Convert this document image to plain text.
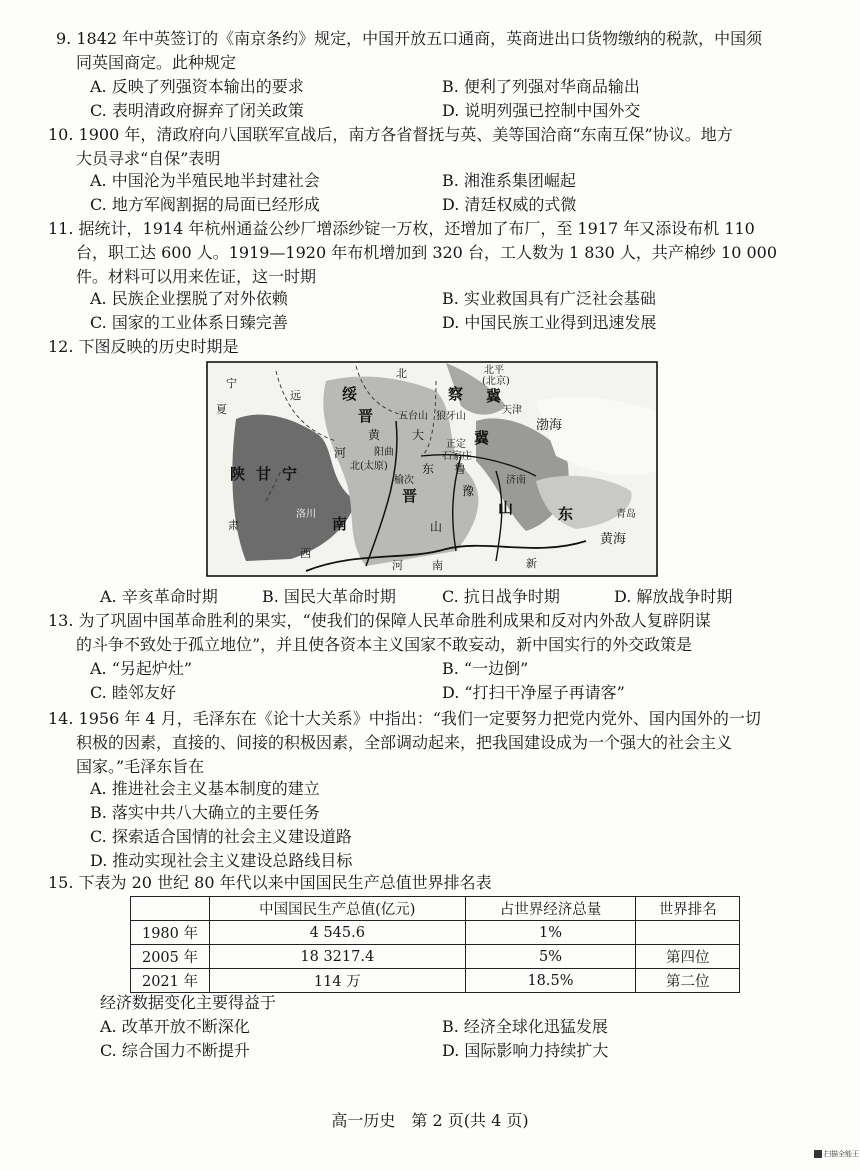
9. 1842 年中英签订的《南京条约》规定，中国开放五口通商，英商进出口货物缴纳的税款，中国须
同英国商定。此种规定
A. 反映了列强资本输出的要求	B. 便利了列强对华商品输出
C. 表明清政府摒弃了闭关政策	D. 说明列强已控制中国外交
10. 1900 年，清政府向八国联军宣战后，南方各省督抚与英、美等国洽商“东南互保”协议。地方
大员寻求“自保”表明
A. 中国沦为半殖民地半封建社会	B. 湘淮系集团崛起
C. 地方军阀割据的局面已经形成	D. 清廷权威的式微
11. 据统计，1914 年杭州通益公纱厂增添纱锭一万枚，还增加了布厂，至 1917 年又添设布机 110
台，职工达 600 人。1919—1920 年布机增加到 320 台，工人数为 1 830 人，共产棉纱 10 000
件。材料可以用来佐证，这一时期
A. 民族企业摆脱了对外依赖	B. 实业救国具有广泛社会基础
C. 国家的工业体系日臻完善	D. 中国民族工业得到迅速发展
12. 下图反映的历史时期是
宁
夏
远	绥
北
晋
察 冀
北平
(北京)
天津
渤海
五台山 狼牙山
黄	大
阳曲
北(太原)
正定
石家庄
陕 甘 宁	榆次
河
东
冀
鲁
豫
济南
山	东	青岛
黄海
洛川
肃	南
西
晋
河	南
山
新
A. 辛亥革命时期	B. 国民大革命时期	C. 抗日战争时期	D. 解放战争时期
13. 为了巩固中国革命胜利的果实，“使我们的保障人民革命胜利成果和反对内外敌人复辟阴谋
的斗争不致处于孤立地位”，并且使各资本主义国家不敢妄动，新中国实行的外交政策是
A. “另起炉灶”	B. “一边倒”
C. 睦邻友好	D. “打扫干净屋子再请客”
14. 1956 年 4 月，毛泽东在《论十大关系》中指出：“我们一定要努力把党内党外、国内国外的一切
积极的因素，直接的、间接的积极因素，全部调动起来，把我国建设成为一个强大的社会主义
国家。”毛泽东旨在
A. 推进社会主义基本制度的建立
B. 落实中共八大确立的主要任务
C. 探索适合国情的社会主义建设道路
D. 推动实现社会主义建设总路线目标
15. 下表为 20 世纪 80 年代以来中国国民生产总值世界排名表
	中国国民生产总值(亿元)	占世界经济总量	世界排名
1980 年	4 545.6	1%	
2005 年	18 3217.4	5%	第四位
2021 年	114 万	18.5%	第二位
经济数据变化主要得益于
A. 改革开放不断深化	B. 经济全球化迅猛发展
C. 综合国力不断提升	D. 国际影响力持续扩大
高一历史　第 2 页(共 4 页)
扫描全能王
